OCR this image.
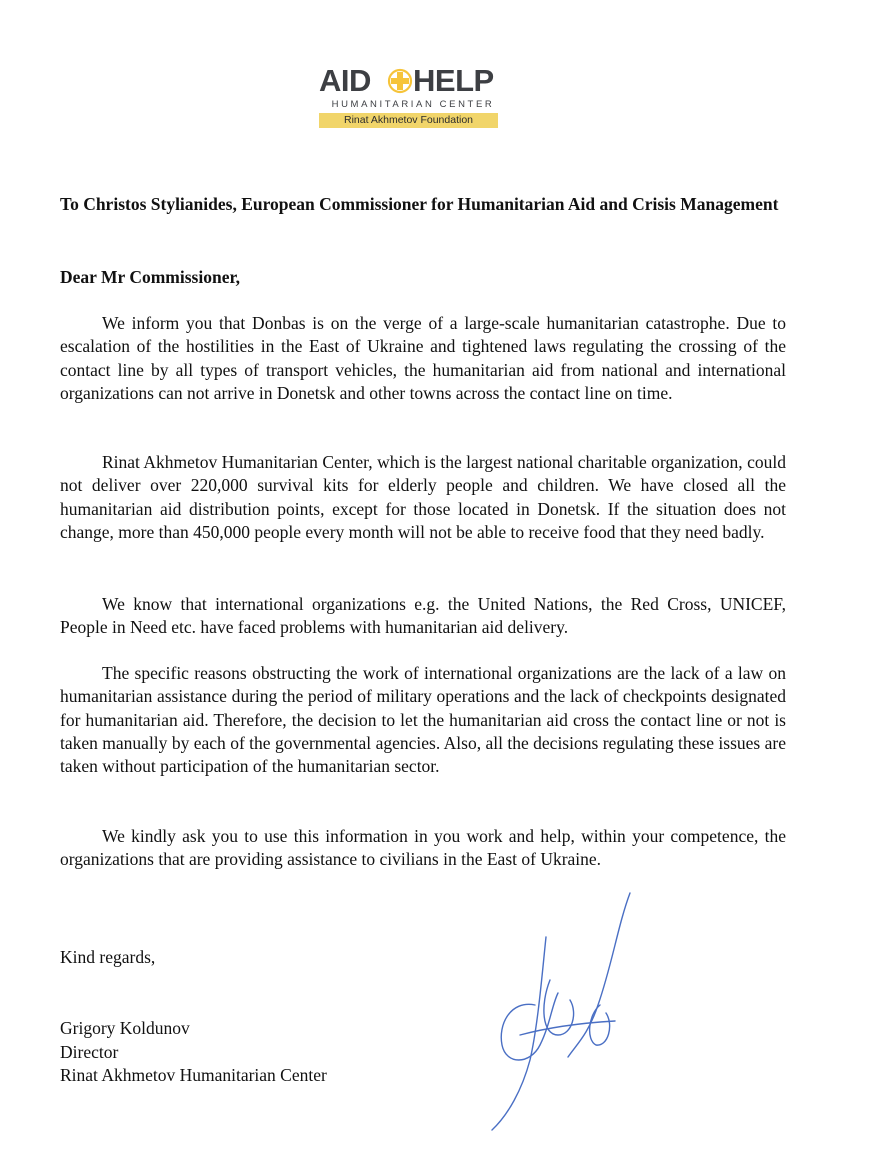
AID HELP
HUMANITARIAN CENTER
Rinat Akhmetov Foundation
To Christos Stylianides, European Commissioner for Humanitarian Aid and Crisis Management
Dear Mr Commissioner,
We inform you that Donbas is on the verge of a large-scale humanitarian catastrophe. Due to escalation of the hostilities in the East of Ukraine and tightened laws regulating the crossing of the contact line by all types of transport vehicles, the humanitarian aid from national and international organizations can not arrive in Donetsk and other towns across the contact line on time.
Rinat Akhmetov Humanitarian Center, which is the largest national charitable organization, could not deliver over 220,000 survival kits for elderly people and children. We have closed all the humanitarian aid distribution points, except for those located in Donetsk. If the situation does not change, more than 450,000 people every month will not be able to receive food that they need badly.
We know that international organizations e.g. the United Nations, the Red Cross, UNICEF, People in Need etc. have faced problems with humanitarian aid delivery.
The specific reasons obstructing the work of international organizations are the lack of a law on humanitarian assistance during the period of military operations and the lack of checkpoints designated for humanitarian aid. Therefore, the decision to let the humanitarian aid cross the contact line or not is taken manually by each of the governmental agencies. Also, all the decisions regulating these issues are taken without participation of the humanitarian sector.
We kindly ask you to use this information in you work and help, within your competence, the organizations that are providing assistance to civilians in the East of Ukraine.
Kind regards,
Grigory Koldunov
Director
Rinat Akhmetov Humanitarian Center
